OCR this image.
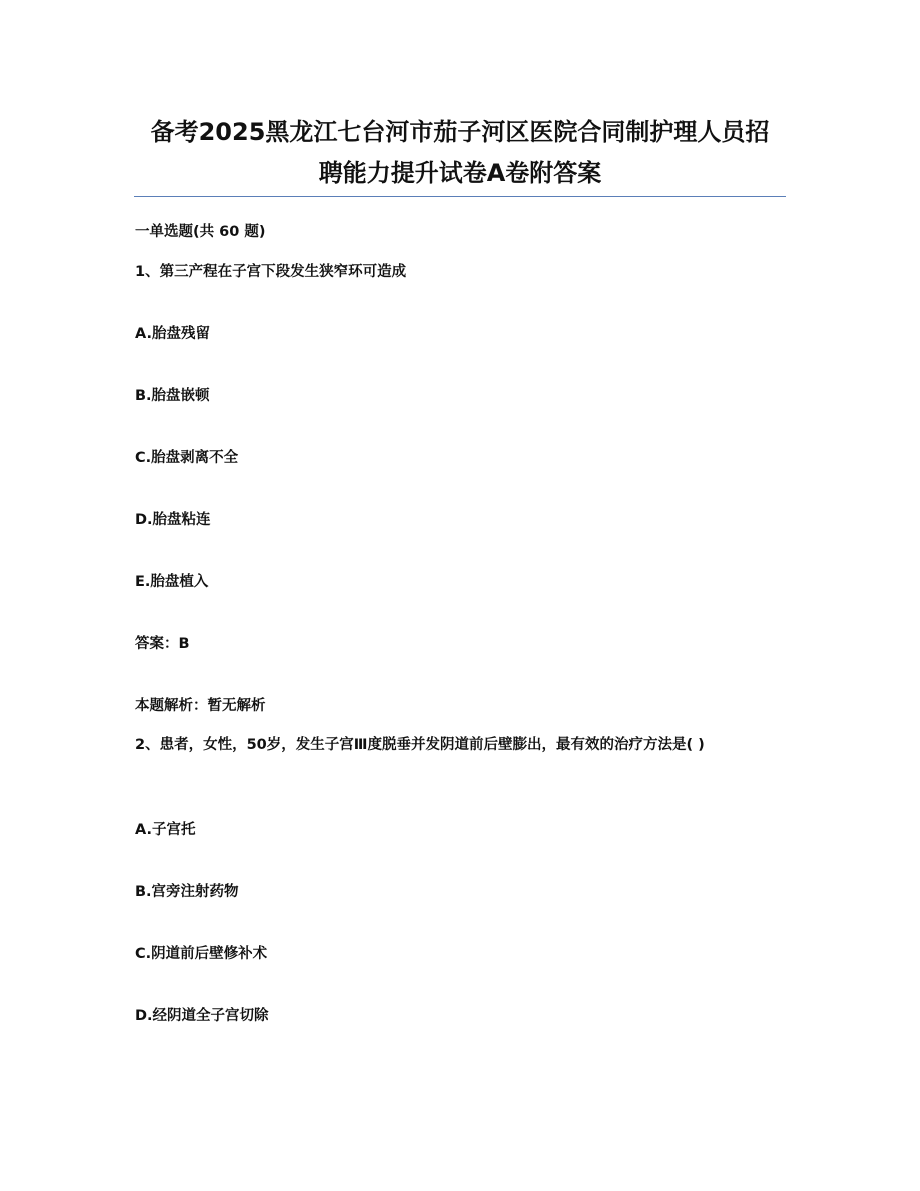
备考2025黑龙江七台河市茄子河区医院合同制护理人员招
聘能力提升试卷A卷附答案
一单选题(共 60 题)
1、第三产程在子宫下段发生狭窄环可造成
A.胎盘残留
B.胎盘嵌顿
C.胎盘剥离不全
D.胎盘粘连
E.胎盘植入
答案：B
本题解析：暂无解析
2、患者，女性，50岁，发生子宫Ⅲ度脱垂并发阴道前后壁膨出，最有效的治疗方法是( )
A.子宫托
B.宫旁注射药物
C.阴道前后壁修补术
D.经阴道全子宫切除
